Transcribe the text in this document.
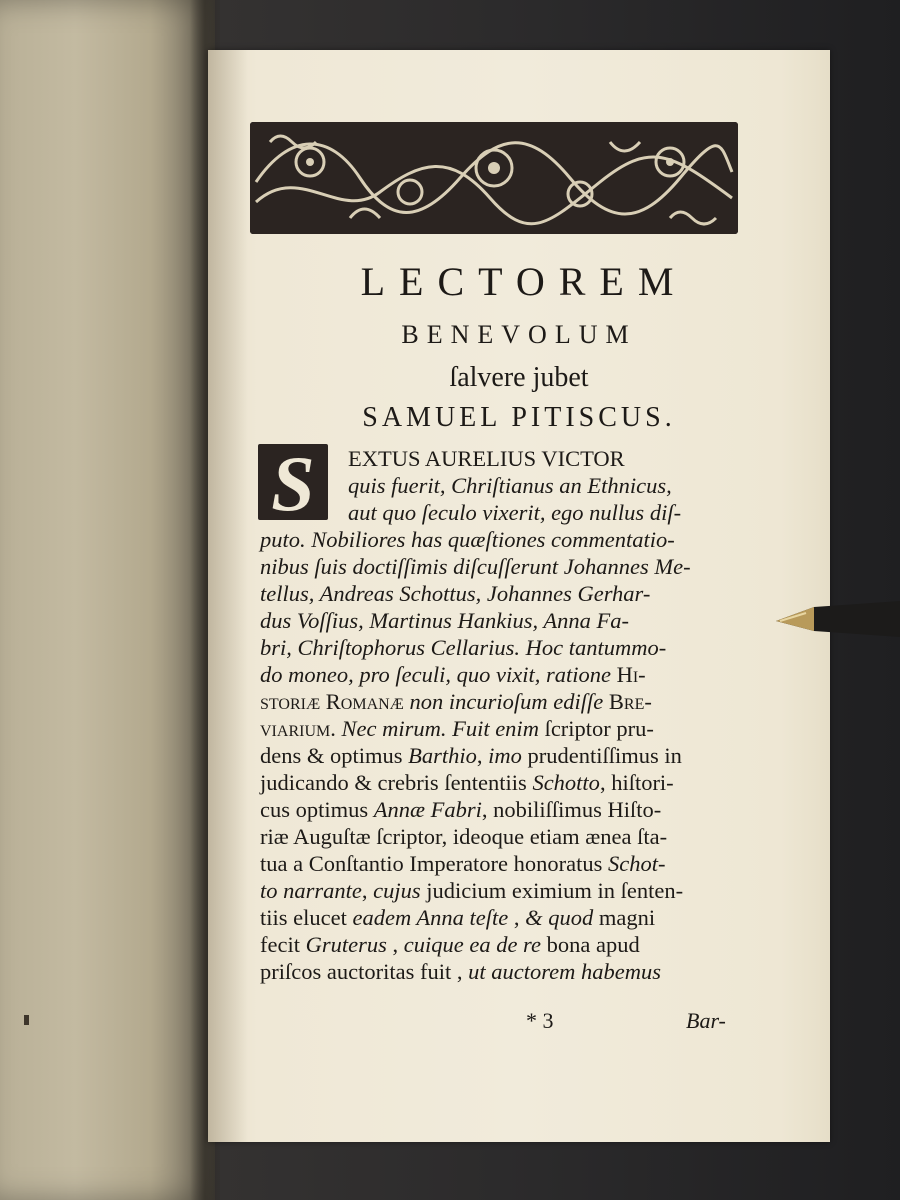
LECTOREM
BENEVOLUM
ſalvere jubet
SAMUEL PITISCUS.
S	EXTUS AURELIUS VICTOR
quis fuerit, Chriſtianus an Ethnicus,
aut quo ſeculo vixerit, ego nullus diſ-
puto. Nobiliores has quæſtiones commentatio-
nibus ſuis doctiſſimis diſcuſſerunt Johannes Me-
tellus, Andreas Schottus, Johannes Gerhar-
dus Voſſius, Martinus Hankius, Anna Fa-
bri, Chriſtophorus Cellarius. Hoc tantummo-
do moneo, pro ſeculi, quo vixit, ratione Hi-
storiæ Romanæ non incurioſum ediſſe Bre-
viarium. Nec mirum. Fuit enim ſcriptor pru-
dens & optimus Barthio, imo prudentiſſimus in
judicando & crebris ſententiis Schotto, hiſtori-
cus optimus Annæ Fabri, nobiliſſimus Hiſto-
riæ Auguſtæ ſcriptor, ideoque etiam ænea ſta-
tua a Conſtantio Imperatore honoratus Schot-
to narrante, cujus judicium eximium in ſenten-
tiis elucet eadem Anna teſte , & quod magni
fecit Gruterus , cuique ea de re bona apud
priſcos auctoritas fuit , ut auctorem habemus
* 3	Bar-
